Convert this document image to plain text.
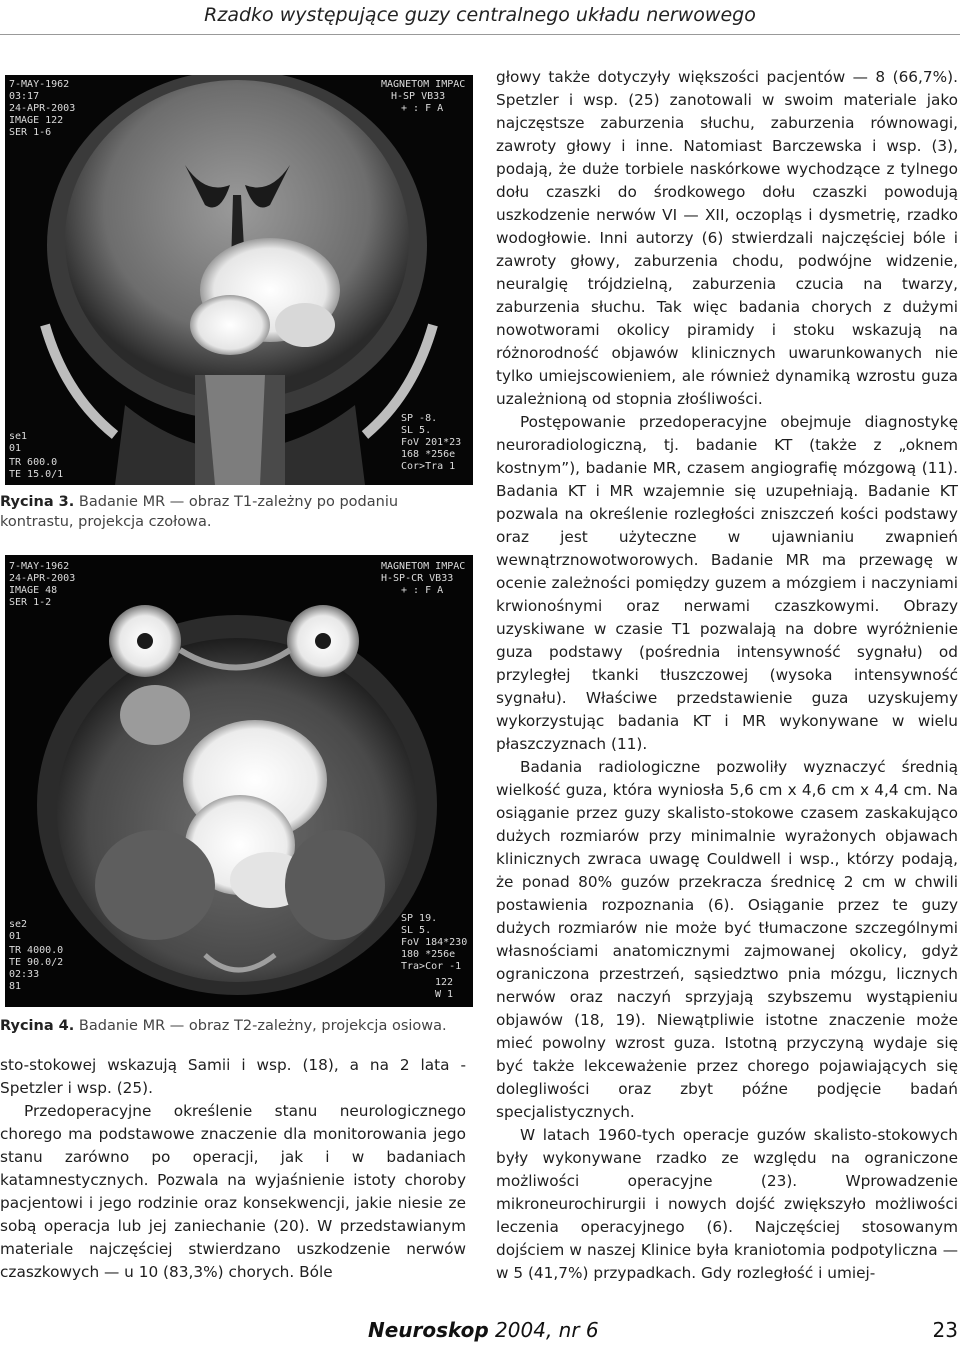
Rzadko występujące guzy centralnego układu nerwowego
7-MAY-1962
03:17
24-APR-2003
IMAGE 122
SER 1-6
MAGNETOM IMPAC
H-SP VB33
+ : F A
se1
01
TR 600.0
TE 15.0/1
SP -8.
SL 5.
FoV 201*23
168 *256e
Cor>Tra 1
Rycina 3. Badanie MR — obraz T1-zależny po podaniu kontrastu, projekcja czołowa.
7-MAY-1962
24-APR-2003
IMAGE 48
SER 1-2
MAGNETOM IMPAC
H-SP-CR VB33
+ : F A
se2
01
TR 4000.0
TE 90.0/2
02:33
81
SP 19.
SL 5.
FoV 184*230
180 *256e
Tra>Cor -1
122
W 1
Rycina 4. Badanie MR — obraz T2-zależny, projekcja osiowa.

sto-stokowej wskazują Samii i wsp. (18), a na 2 lata - Spetzler i wsp. (25).

Przedoperacyjne określenie stanu neurologicznego chorego ma podstawowe znaczenie dla monitorowania jego stanu zarówno po operacji, jak i w badaniach katamnestycznych. Pozwala na wyjaśnienie istoty choroby pacjentowi i jego rodzinie oraz konsekwencji, jakie niesie ze sobą operacja lub jej zaniechanie (20). W przedstawianym materiale najczęściej stwierdzano uszkodzenie nerwów czaszkowych — u 10 (83,3%) chorych. Bóle

głowy także dotyczyły większości pacjentów — 8 (66,7%). Spetzler i wsp. (25) zanotowali w swoim materiale jako najczęstsze zaburzenia słuchu, zaburzenia równowagi, zawroty głowy i inne. Natomiast Barczewska i wsp. (3), podają, że duże torbiele naskórkowe wychodzące z tylnego dołu czaszki do środkowego dołu czaszki powodują uszkodzenie nerwów VI — XII, oczopląs i dysmetrię, rzadko wodogłowie. Inni autorzy (6) stwierdzali najczęściej bóle i zawroty głowy, zaburzenia chodu, podwójne widzenie, neuralgię trójdzielną, zaburzenia czucia na twarzy, zaburzenia słuchu. Tak więc badania chorych z dużymi nowotworami okolicy piramidy i stoku wskazują na różnorodność objawów klinicznych uwarunkowanych nie tylko umiejscowieniem, ale również dynamiką wzrostu guza uzależnioną od stopnia złośliwości.

Postępowanie przedoperacyjne obejmuje diagnostykę neuroradiologiczną, tj. badanie KT (także z „oknem kostnym”), badanie MR, czasem angiografię mózgową (11). Badania KT i MR wzajemnie się uzupełniają. Badanie KT pozwala na określenie rozległości zniszczeń kości podstawy oraz jest użyteczne w ujawnianiu zwapnień wewnątrznowotworowych. Badanie MR ma przewagę w ocenie zależności pomiędzy guzem a mózgiem i naczyniami krwionośnymi oraz nerwami czaszkowymi. Obrazy uzyskiwane w czasie T1 pozwalają na dobre wyróżnienie guza podstawy (pośrednia intensywność sygnału) od przyległej tkanki tłuszczowej (wysoka intensywność sygnału). Właściwe przedstawienie guza uzyskujemy wykorzystując badania KT i MR wykonywane w wielu płaszczyznach (11).

Badania radiologiczne pozwoliły wyznaczyć średnią wielkość guza, która wyniosła 5,6 cm x 4,6 cm x 4,4 cm. Na osiąganie przez guzy skalisto-stokowe czasem zaskakująco dużych rozmiarów przy minimalnie wyrażonych objawach klinicznych zwraca uwagę Couldwell i wsp., którzy podają, że ponad 80% guzów przekracza średnicę 2 cm w chwili postawienia rozpoznania (6). Osiąganie przez te guzy dużych rozmiarów nie może być tłumaczone szczególnymi własnościami anatomicznymi zajmowanej okolicy, gdyż ograniczona przestrzeń, sąsiedztwo pnia mózgu, licznych nerwów oraz naczyń sprzyjają szybszemu wystąpieniu objawów (18, 19). Niewątpliwie istotne znaczenie może mieć powolny wzrost guza. Istotną przyczyną wydaje się być także lekceważenie przez chorego pojawiających się dolegliwości oraz zbyt późne podjęcie badań specjalistycznych.

W latach 1960-tych operacje guzów skalisto-stokowych były wykonywane rzadko ze względu na ograniczone możliwości operacyjne (23). Wprowadzenie mikroneurochirurgii i nowych dojść zwiększyło możliwości leczenia operacyjnego (6). Najczęściej stosowanym dojściem w naszej Klinice była kraniotomia podpotyliczna — w 5 (41,7%) przypadkach. Gdy rozległość i umiej-

Neuroskop 2004, nr 6	23
